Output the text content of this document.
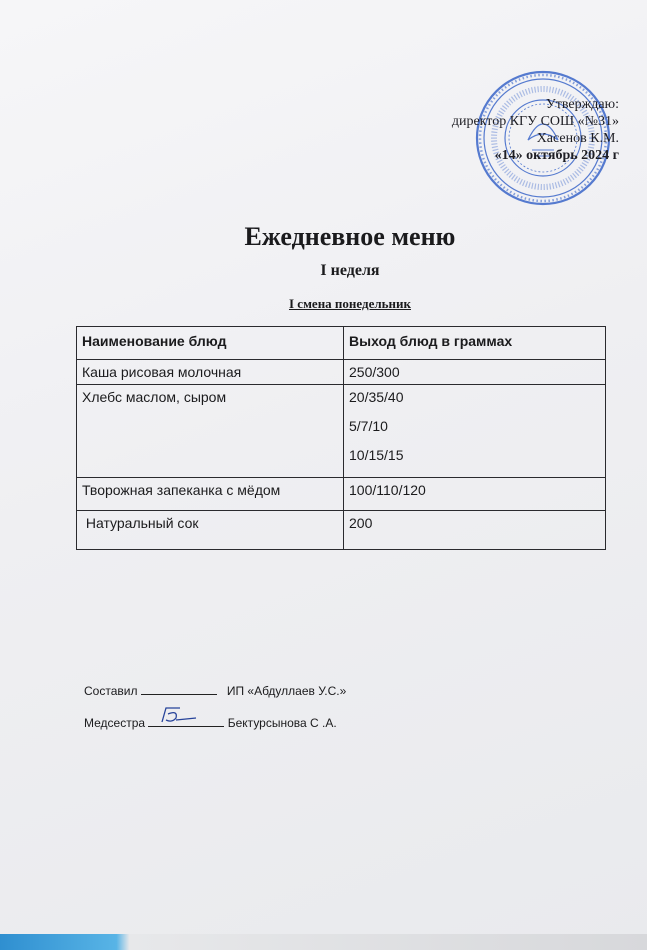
Утверждаю:
директор КГУ СОШ «№31»
Хасенов К.М.
«14» октябрь 2024 г
Ежедневное меню
I неделя
I смена понедельник
Наименование блюд	Выход блюд в граммах
Каша рисовая молочная	250/300

Хлебс маслом, сыром	20/35/40
5/7/10
10/15/15

Творожная запеканка с мёдом	100/110/120

Натуральный сок	200
Составил	ИП «Абдуллаев У.С.»
Медсестра	Бектурсынова С .А.
